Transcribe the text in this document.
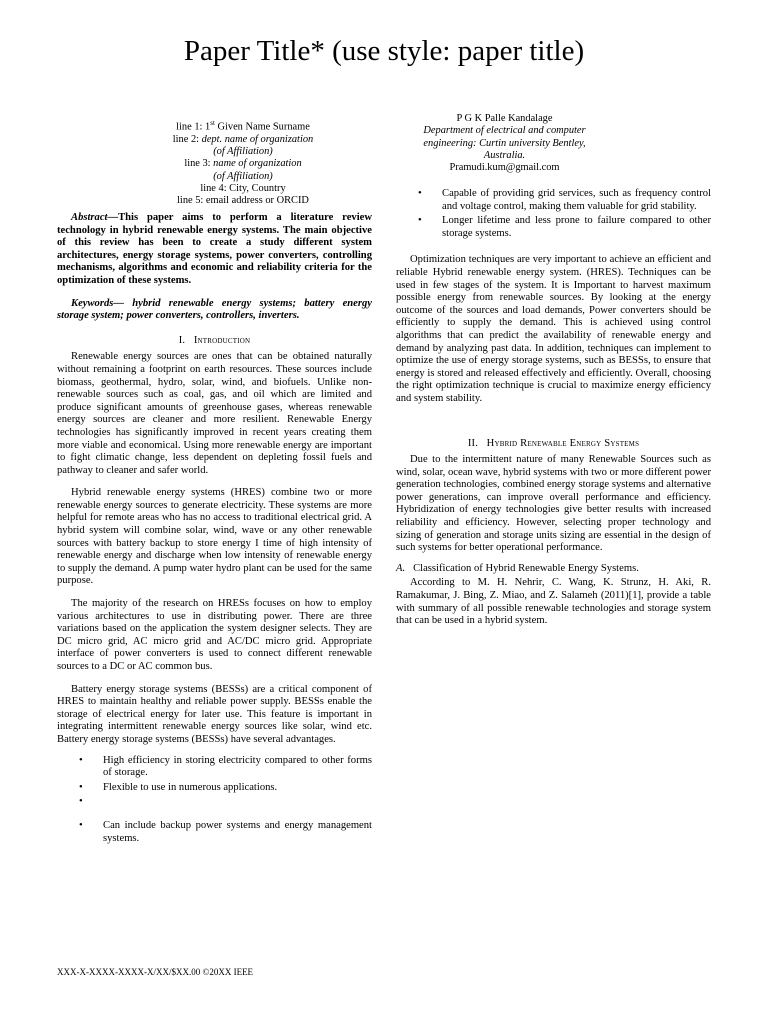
Paper Title* (use style: paper title)
line 1: 1st Given Name Surname
line 2: dept. name of organization
(of Affiliation)
line 3: name of organization
(of Affiliation)
line 4: City, Country
line 5: email address or ORCID
P G K Palle Kandalage
Department of electrical and computer
engineering: Curtin university Bentley,
Australia.
Pramudi.kum@gmail.com

Abstract—This paper aims to perform a literature review technology in hybrid renewable energy systems. The main objective of this review has been to create a study different system architectures, energy storage systems, power converters, controlling mechanisms, algorithms and economic and reliability criteria for the optimization of these systems.

Keywords— hybrid renewable energy systems; battery energy storage system; power converters, controllers, inverters.

I. Introduction

Renewable energy sources are ones that can be obtained naturally without remaining a footprint on earth resources. These sources include biomass, geothermal, hydro, solar, wind, and biofuels. Unlike non-renewable sources such as coal, gas, and oil which are limited and produce significant amounts of greenhouse gases, whereas renewable energy sources are cleaner and more resilient. Renewable Energy technologies has significantly improved in recent years creating them more viable and economical. Using more renewable energy are important to fight climatic change, less dependent on depleting fossil fuels and pathway to cleaner and safer world.

Hybrid renewable energy systems (HRES) combine two or more renewable energy sources to generate electricity. These systems are more helpful for remote areas who has no access to traditional electrical grid. A hybrid system will combine solar, wind, wave or any other renewable sources with battery backup to store energy I time of high intensity of renewable energy and discharge when low intensity of renewable energy to supply the demand. A pump water hydro plant can be used for the same purpose.

The majority of the research on HRESs focuses on how to employ various architectures to use in distributing power. There are three variations based on the application the system designer selects. They are DC micro grid, AC micro grid and AC/DC micro grid. Appropriate interface of power converters is used to connect different renewable sources to a DC or AC common bus.

Battery energy storage systems (BESSs) are a critical component of HRES to maintain healthy and reliable power supply. BESSs enable the storage of electrical energy for later use. This feature is important in integrating intermittent renewable energy sources like solar, wind etc. Battery energy storage systems (BESSs) have several advantages.

• High efficiency in storing electricity compared to other forms of storage.
• Flexible to use in numerous applications.
•
• Can include backup power systems and energy management systems.
• Capable of providing grid services, such as frequency control and voltage control, making them valuable for grid stability.
• Longer lifetime and less prone to failure compared to other storage systems.

Optimization techniques are very important to achieve an efficient and reliable Hybrid renewable energy system. (HRES). Techniques can be used in few stages of the system. It is Important to harvest maximum possible energy from renewable sources. By looking at the energy outcome of the sources and load demands, Power converters should be efficiently to supply the demand. This is achieved using control algorithms that can predict the availability of renewable energy and demand by analyzing past data. In addition, techniques can implement to optimize the use of energy storage systems, such as BESSs, to ensure that energy is stored and released effectively and efficiently. Overall, choosing the right optimization technique is crucial to maximize energy efficiency and system stability.

II. Hybrid Renewable Energy Systems

Due to the intermittent nature of many Renewable Sources such as wind, solar, ocean wave, hybrid systems with two or more different power generation technologies, combined energy storage systems and alternative power generations, can improve overall performance and efficiency. Hybridization of energy technologies give better results with increased reliability and efficiency. However, selecting proper technology and sizing of generation and storage units sizing are essential in the design of such systems for better operational performance.

A. Classification of Hybrid Renewable Energy Systems.

According to M. H. Nehrir, C. Wang, K. Strunz, H. Aki, R. Ramakumar, J. Bing, Z. Miao, and Z. Salameh (2011)[1], provide a table with summary of all possible renewable technologies and storage system that can be used in a hybrid system.

XXX-X-XXXX-XXXX-X/XX/$XX.00 ©20XX IEEE
